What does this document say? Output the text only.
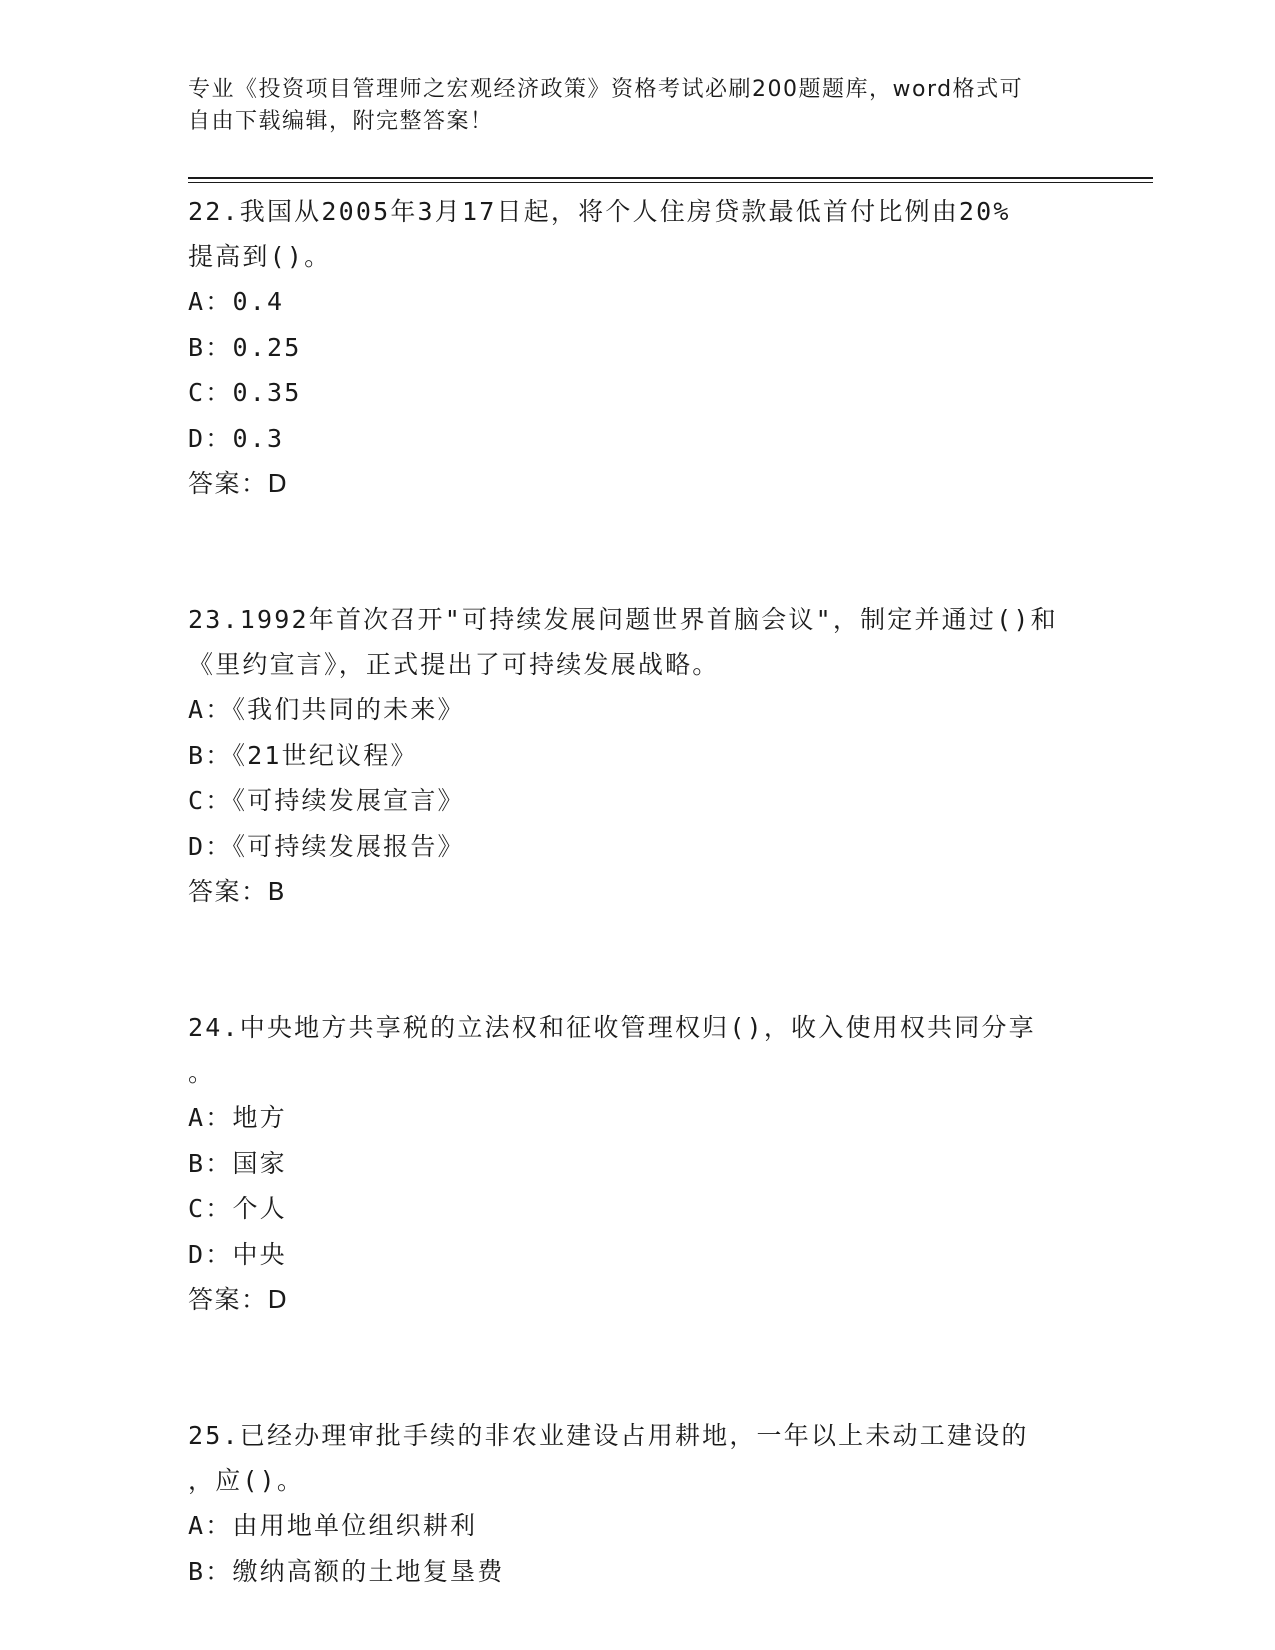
专业《投资项目管理师之宏观经济政策》资格考试必刷200题题库，word格式可
自由下载编辑，附完整答案！

22.我国从2005年3月17日起，将个人住房贷款最低首付比例由20%

提高到()。

A：0.4

B：0.25

C：0.35

D：0.3

答案：D

23.1992年首次召开"可持续发展问题世界首脑会议"，制定并通过()和

《里约宣言》，正式提出了可持续发展战略。

A：《我们共同的未来》

B：《21世纪议程》

C：《可持续发展宣言》

D：《可持续发展报告》

答案：B

24.中央地方共享税的立法权和征收管理权归()，收入使用权共同分享

。

A：地方

B：国家

C：个人

D：中央

答案：D

25.已经办理审批手续的非农业建设占用耕地，一年以上未动工建设的

，应()。

A：由用地单位组织耕利

B：缴纳高额的土地复垦费
